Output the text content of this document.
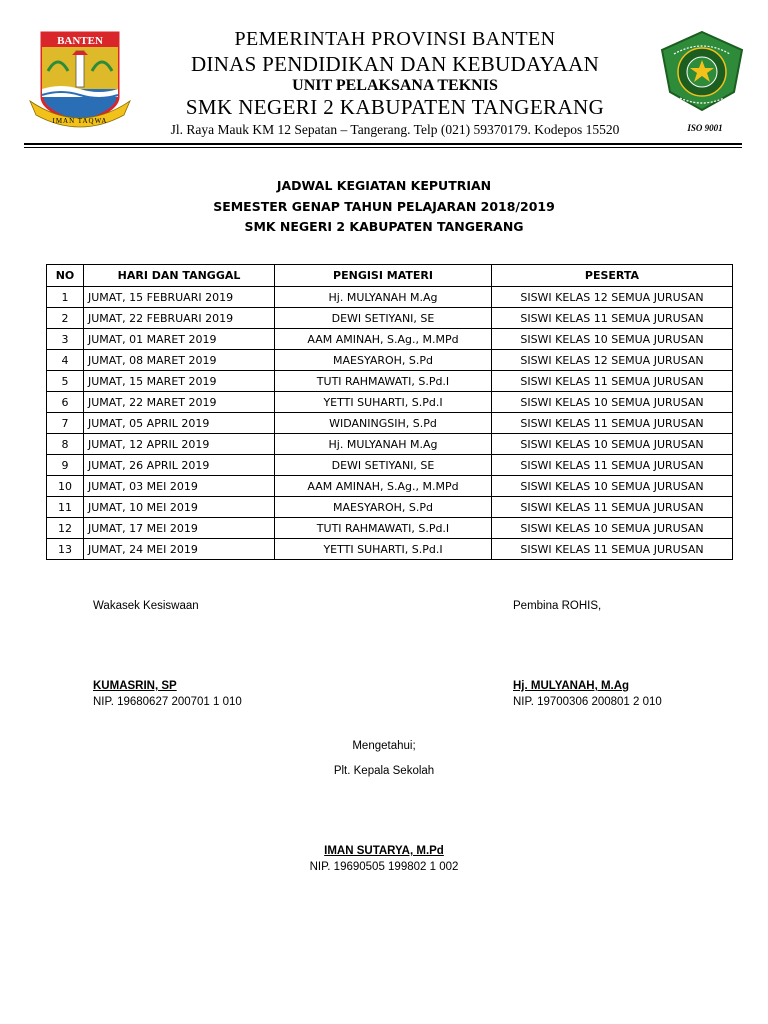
BANTEN
IMAN TAQWA
PEMERINTAH PROVINSI BANTEN
DINAS PENDIDIKAN DAN KEBUDAYAAN
UNIT PELAKSANA TEKNIS
SMK NEGERI 2 KABUPATEN TANGERANG
Jl. Raya Mauk KM 12 Sepatan – Tangerang. Telp (021) 59370179. Kodepos 15520	ISO 9001
JADWAL KEGIATAN KEPUTRIAN
SEMESTER GENAP TAHUN PELAJARAN 2018/2019
SMK NEGERI 2 KABUPATEN TANGERANG
NO	HARI DAN TANGGAL	PENGISI MATERI	PESERTA
1	JUMAT, 15 FEBRUARI 2019	Hj. MULYANAH M.Ag	SISWI KELAS 12 SEMUA JURUSAN
2	JUMAT, 22 FEBRUARI 2019	DEWI SETIYANI, SE	SISWI KELAS 11 SEMUA JURUSAN
3	JUMAT, 01 MARET 2019	AAM AMINAH, S.Ag., M.MPd	SISWI KELAS 10 SEMUA JURUSAN
4	JUMAT, 08 MARET 2019	MAESYAROH, S.Pd	SISWI KELAS 12 SEMUA JURUSAN
5	JUMAT, 15 MARET 2019	TUTI RAHMAWATI, S.Pd.I	SISWI KELAS 11 SEMUA JURUSAN
6	JUMAT, 22 MARET 2019	YETTI SUHARTI, S.Pd.I	SISWI KELAS 10 SEMUA JURUSAN
7	JUMAT, 05 APRIL 2019	WIDANINGSIH, S.Pd	SISWI KELAS 11 SEMUA JURUSAN
8	JUMAT, 12 APRIL 2019	Hj. MULYANAH M.Ag	SISWI KELAS 10 SEMUA JURUSAN
9	JUMAT, 26 APRIL 2019	DEWI SETIYANI, SE	SISWI KELAS 11 SEMUA JURUSAN
10	JUMAT, 03 MEI 2019	AAM AMINAH, S.Ag., M.MPd	SISWI KELAS 10 SEMUA JURUSAN
11	JUMAT, 10 MEI 2019	MAESYAROH, S.Pd	SISWI KELAS 11 SEMUA JURUSAN
12	JUMAT, 17 MEI 2019	TUTI RAHMAWATI, S.Pd.I	SISWI KELAS 10 SEMUA JURUSAN
13	JUMAT, 24 MEI 2019	YETTI SUHARTI, S.Pd.I	SISWI KELAS 11 SEMUA JURUSAN
Wakasek Kesiswaan	Pembina ROHIS,
KUMASRIN, SP
NIP. 19680627 200701 1 010
Hj. MULYANAH, M.Ag
NIP. 19700306 200801 2 010
Mengetahui;
Plt. Kepala Sekolah
IMAN SUTARYA, M.Pd
NIP. 19690505 199802 1 002
